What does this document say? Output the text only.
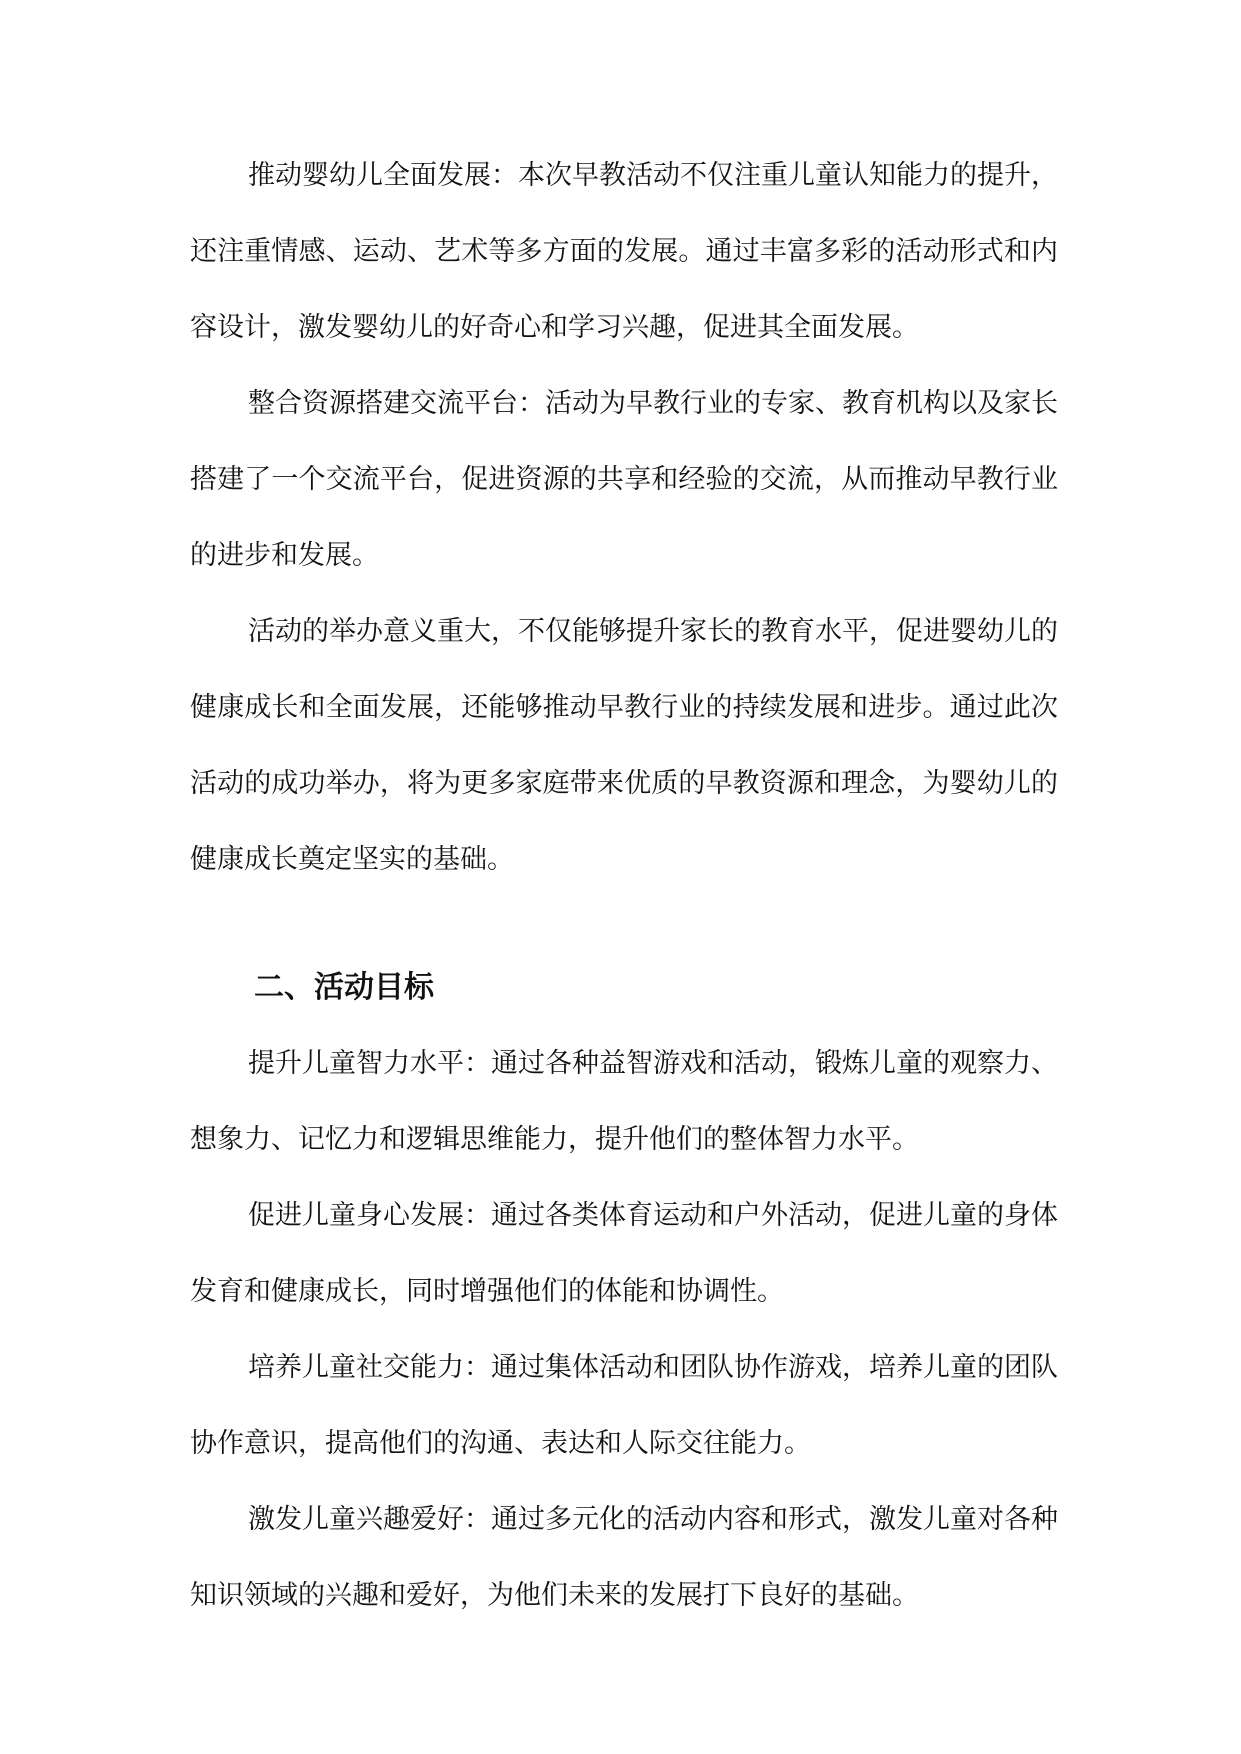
推动婴幼儿全面发展：本次早教活动不仅注重儿童认知能力的提升，还注重情感、运动、艺术等多方面的发展。通过丰富多彩的活动形式和内容设计，激发婴幼儿的好奇心和学习兴趣，促进其全面发展。

整合资源搭建交流平台：活动为早教行业的专家、教育机构以及家长搭建了一个交流平台，促进资源的共享和经验的交流，从而推动早教行业的进步和发展。

活动的举办意义重大，不仅能够提升家长的教育水平，促进婴幼儿的健康成长和全面发展，还能够推动早教行业的持续发展和进步。通过此次活动的成功举办，将为更多家庭带来优质的早教资源和理念，为婴幼儿的健康成长奠定坚实的基础。

二、活动目标

提升儿童智力水平：通过各种益智游戏和活动，锻炼儿童的观察力、想象力、记忆力和逻辑思维能力，提升他们的整体智力水平。

促进儿童身心发展：通过各类体育运动和户外活动，促进儿童的身体发育和健康成长，同时增强他们的体能和协调性。

培养儿童社交能力：通过集体活动和团队协作游戏，培养儿童的团队协作意识，提高他们的沟通、表达和人际交往能力。

激发儿童兴趣爱好：通过多元化的活动内容和形式，激发儿童对各种知识领域的兴趣和爱好，为他们未来的发展打下良好的基础。
